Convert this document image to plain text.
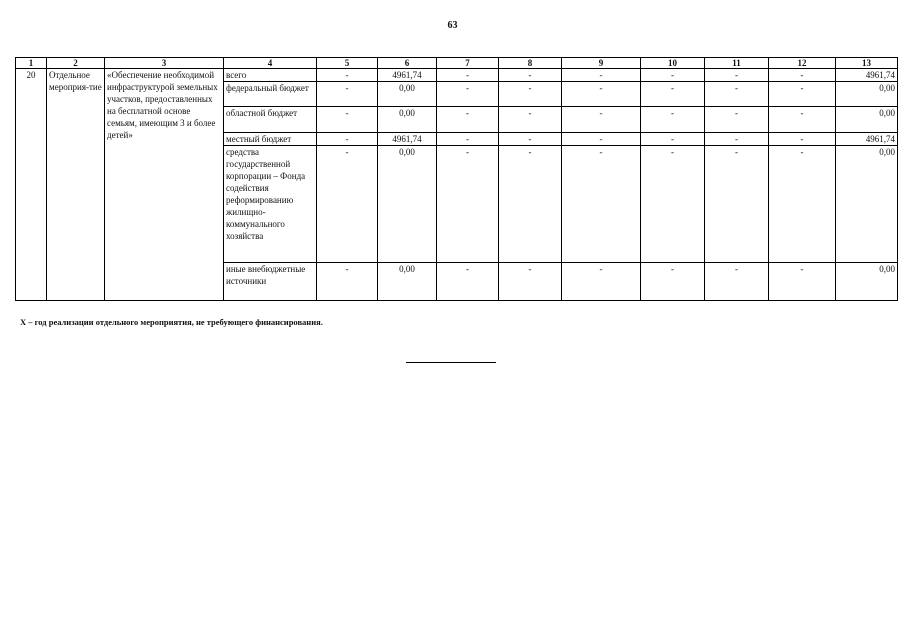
63
1	2	3	4	5	6	7	8	9	10	11	12	13
20	Отдельное мероприя-тие	«Обеспечение необходимой инфраструктурой земельных участков, предоставленных на бесплатной основе семьям, имеющим 3 и более детей»	всего	-	4961,74	-	-	-	-	-	-	4961,74
			федеральный бюджет	-	0,00	-	-	-	-	-	-	0,00
			областной бюджет	-	0,00	-	-	-	-	-	-	0,00
			местный бюджет	-	4961,74	-	-	-	-	-	-	4961,74
			средства государственной корпорации – Фонда содействия реформированию жилищно-коммунального хозяйства	-	0,00	-	-	-	-	-	-	0,00
			иные внебюджетные источники	-	0,00	-	-	-	-	-	-	0,00
Х – год реализации отдельного мероприятия, не требующего финансирования.
